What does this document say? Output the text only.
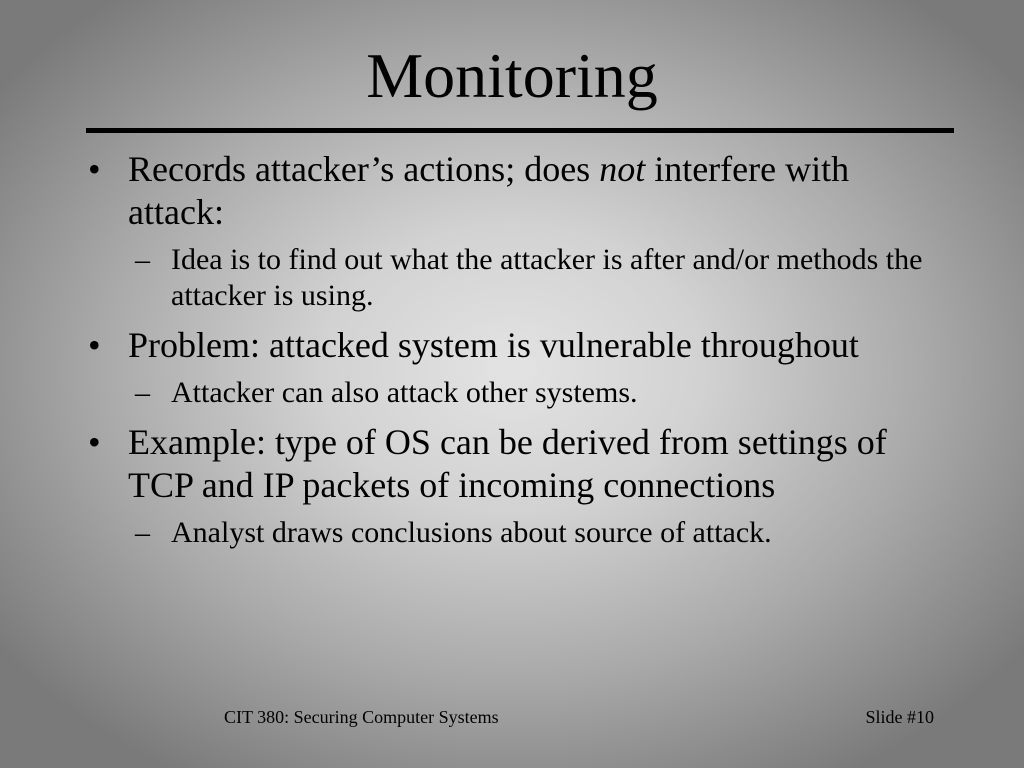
Monitoring
• Records attacker’s actions; does not interfere with attack:
– Idea is to find out what the attacker is after and/or methods the attacker is using.
• Problem: attacked system is vulnerable throughout
– Attacker can also attack other systems.
• Example: type of OS can be derived from settings of TCP and IP packets of incoming connections
– Analyst draws conclusions about source of attack.
CIT 380: Securing Computer Systems	Slide #10
